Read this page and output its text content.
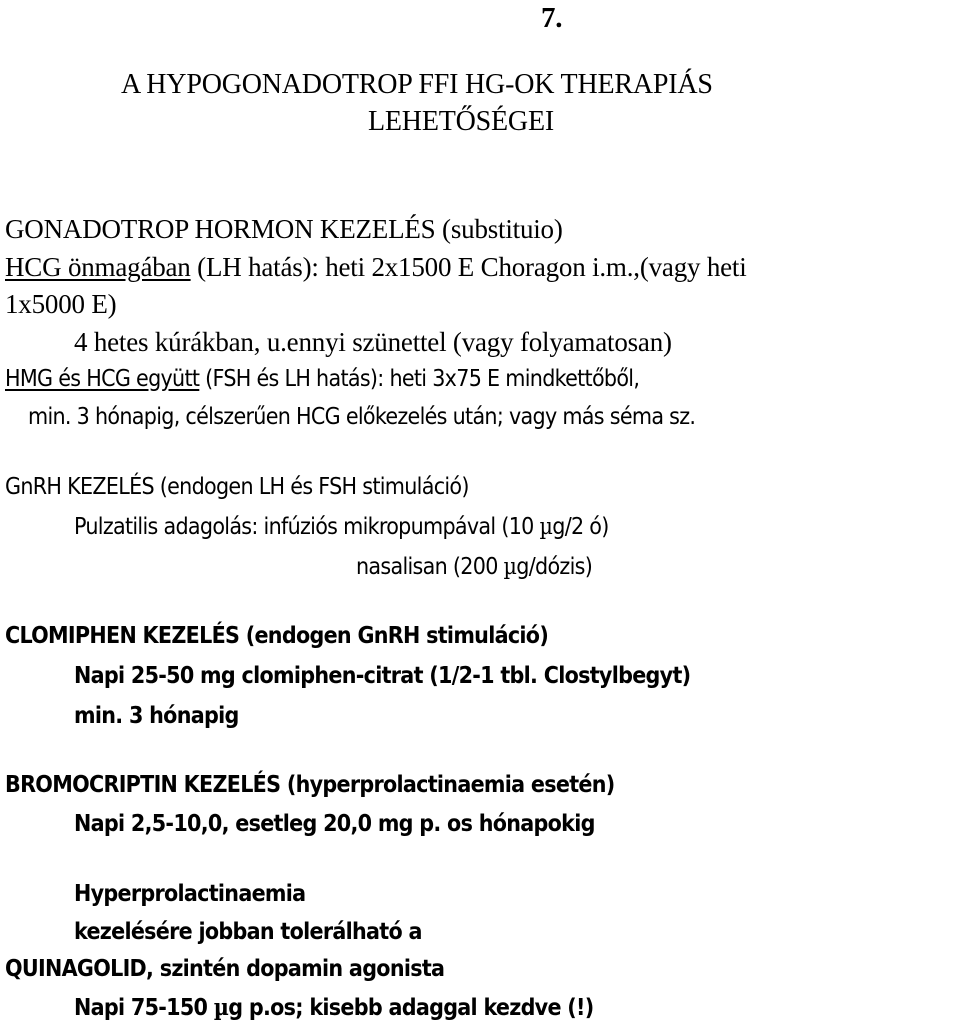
7.
A HYPOGONADOTROP FFI HG-OK THERAPIÁS
LEHETŐSÉGEI
GONADOTROP HORMON KEZELÉS (substituio)
HCG önmagában (LH hatás): heti 2x1500 E Choragon i.m.,(vagy heti
1x5000 E)
4 hetes kúrákban, u.ennyi szünettel (vagy folyamatosan)
HMG és HCG együtt (FSH és LH hatás): heti 3x75 E mindkettőből,
min. 3 hónapig, célszerűen HCG előkezelés után; vagy más séma sz.
GnRH KEZELÉS (endogen LH és FSH stimuláció)
Pulzatilis adagolás: infúziós mikropumpával (10 µg/2 ó)
nasalisan (200 µg/dózis)
CLOMIPHEN KEZELÉS (endogen GnRH stimuláció)
Napi 25-50 mg clomiphen-citrat (1/2-1 tbl. Clostylbegyt)
min. 3 hónapig
BROMOCRIPTIN KEZELÉS (hyperprolactinaemia esetén)
Napi 2,5-10,0, esetleg 20,0 mg p. os hónapokig
Hyperprolactinaemia
kezelésére jobban tolerálható a
QUINAGOLID, szintén dopamin agonista
Napi 75-150 µg p.os; kisebb adaggal kezdve (!)
